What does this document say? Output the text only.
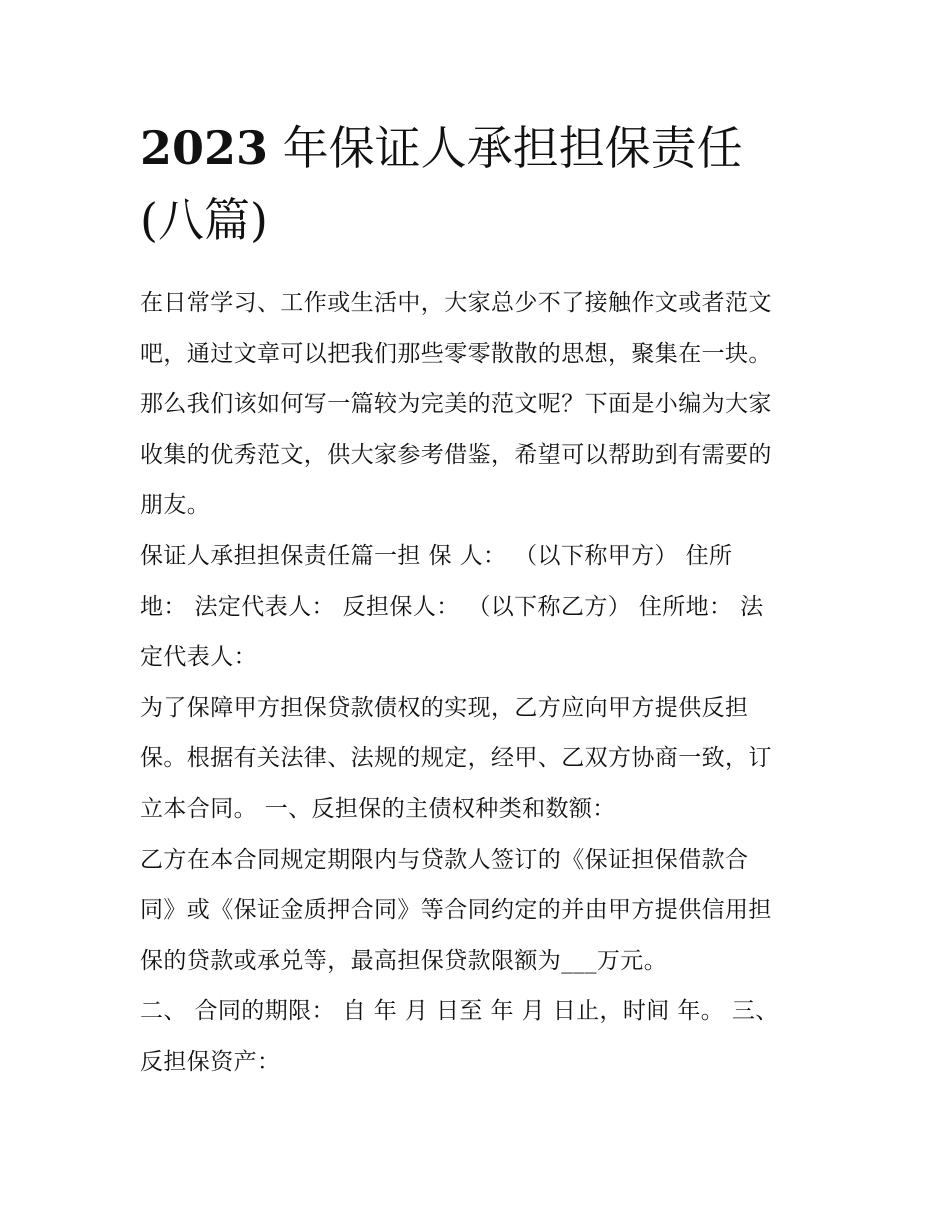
2023 年保证人承担担保责任
(八篇)
在日常学习、工作或生活中，大家总少不了接触作文或者范文
吧，通过文章可以把我们那些零零散散的思想，聚集在一块。
那么我们该如何写一篇较为完美的范文呢？下面是小编为大家
收集的优秀范文，供大家参考借鉴，希望可以帮助到有需要的
朋友。
保证人承担担保责任篇一担 保 人： （以下称甲方） 住所
地： 法定代表人： 反担保人： （以下称乙方） 住所地： 法
定代表人：
为了保障甲方担保贷款债权的实现，乙方应向甲方提供反担
保。根据有关法律、法规的规定，经甲、乙双方协商一致，订
立本合同。 一、反担保的主债权种类和数额：
乙方在本合同规定期限内与贷款人签订的《保证担保借款合
同》或《保证金质押合同》等合同约定的并由甲方提供信用担
保的贷款或承兑等，最高担保贷款限额为___万元。
二、 合同的期限： 自 年 月 日至 年 月 日止，时间 年。 三、
反担保资产：
